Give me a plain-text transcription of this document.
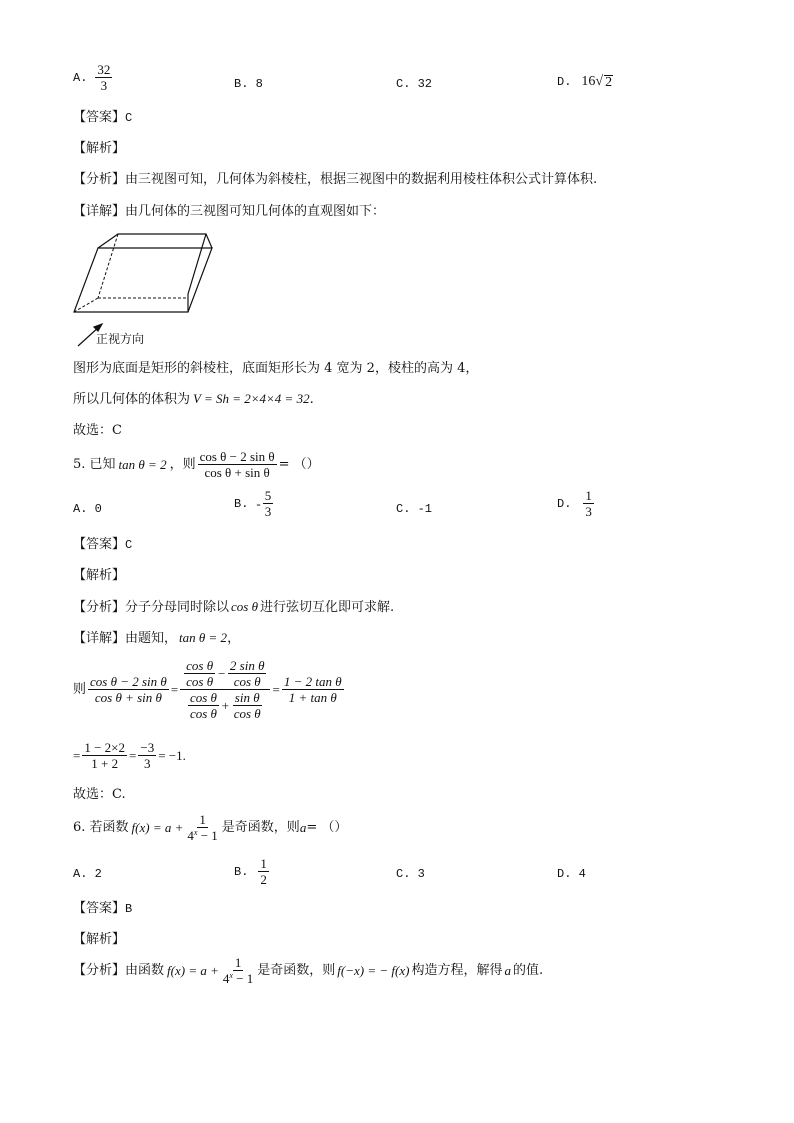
A. $\frac{32}{3}$	B. 8	C. 32	D. 16 √ 2
【答案】C
【解析】
【分析】由三视图可知，几何体为斜棱柱，根据三视图中的数据利用棱柱体积公式计算体积.
【详解】由几何体的三视图可知几何体的直观图如下：
正视方向
图形为底面是矩形的斜棱柱，底面矩形长为 4 宽为 2，棱柱的高为 4，
所以几何体的体积为 V = Sh = 2×4×4 = 32.
故选：C
5. 已知 tan θ = 2 ，则 $\frac{\text{cos θ − 2 sin θ}}{\text{cos θ + sin θ}}$ = （）
A. 0	B. - $\frac{5}{3}$	C. -1	D. $\frac{1}{3}$
【答案】C
【解析】
【分析】分子分母同时除以 cos θ 进行弦切互化即可求解.
【详解】由题知， tan θ = 2，
则 $\frac{\text{cos θ − 2 sin θ}}{\text{cos θ + sin θ}} = \frac{\frac{\text{cos θ}}{\text{cos θ}} - \frac{\text{2 sin θ}}{\text{cos θ}}}{\frac{\text{cos θ}}{\text{cos θ}} + \frac{\text{sin θ}}{\text{cos θ}}} = \frac{\text{1 − 2 tan θ}}{\text{1 + tan θ}}$
= $\frac{1 - 2\times 2}{1 + 2} = \frac{-3}{3} = -1$.
故选：C.
6. 若函数 $f(x) = a + \frac{1}{4^x - 1}$ 是奇函数，则 a = （）
A. 2	B. $\frac{1}{2}$	C. 3	D. 4
【答案】B
【解析】
【分析】 由函数 $f(x) = a + \frac{1}{4^x - 1}$ 是奇函数，则 f(−x) = − f(x) 构造方程，解得 a 的值.
